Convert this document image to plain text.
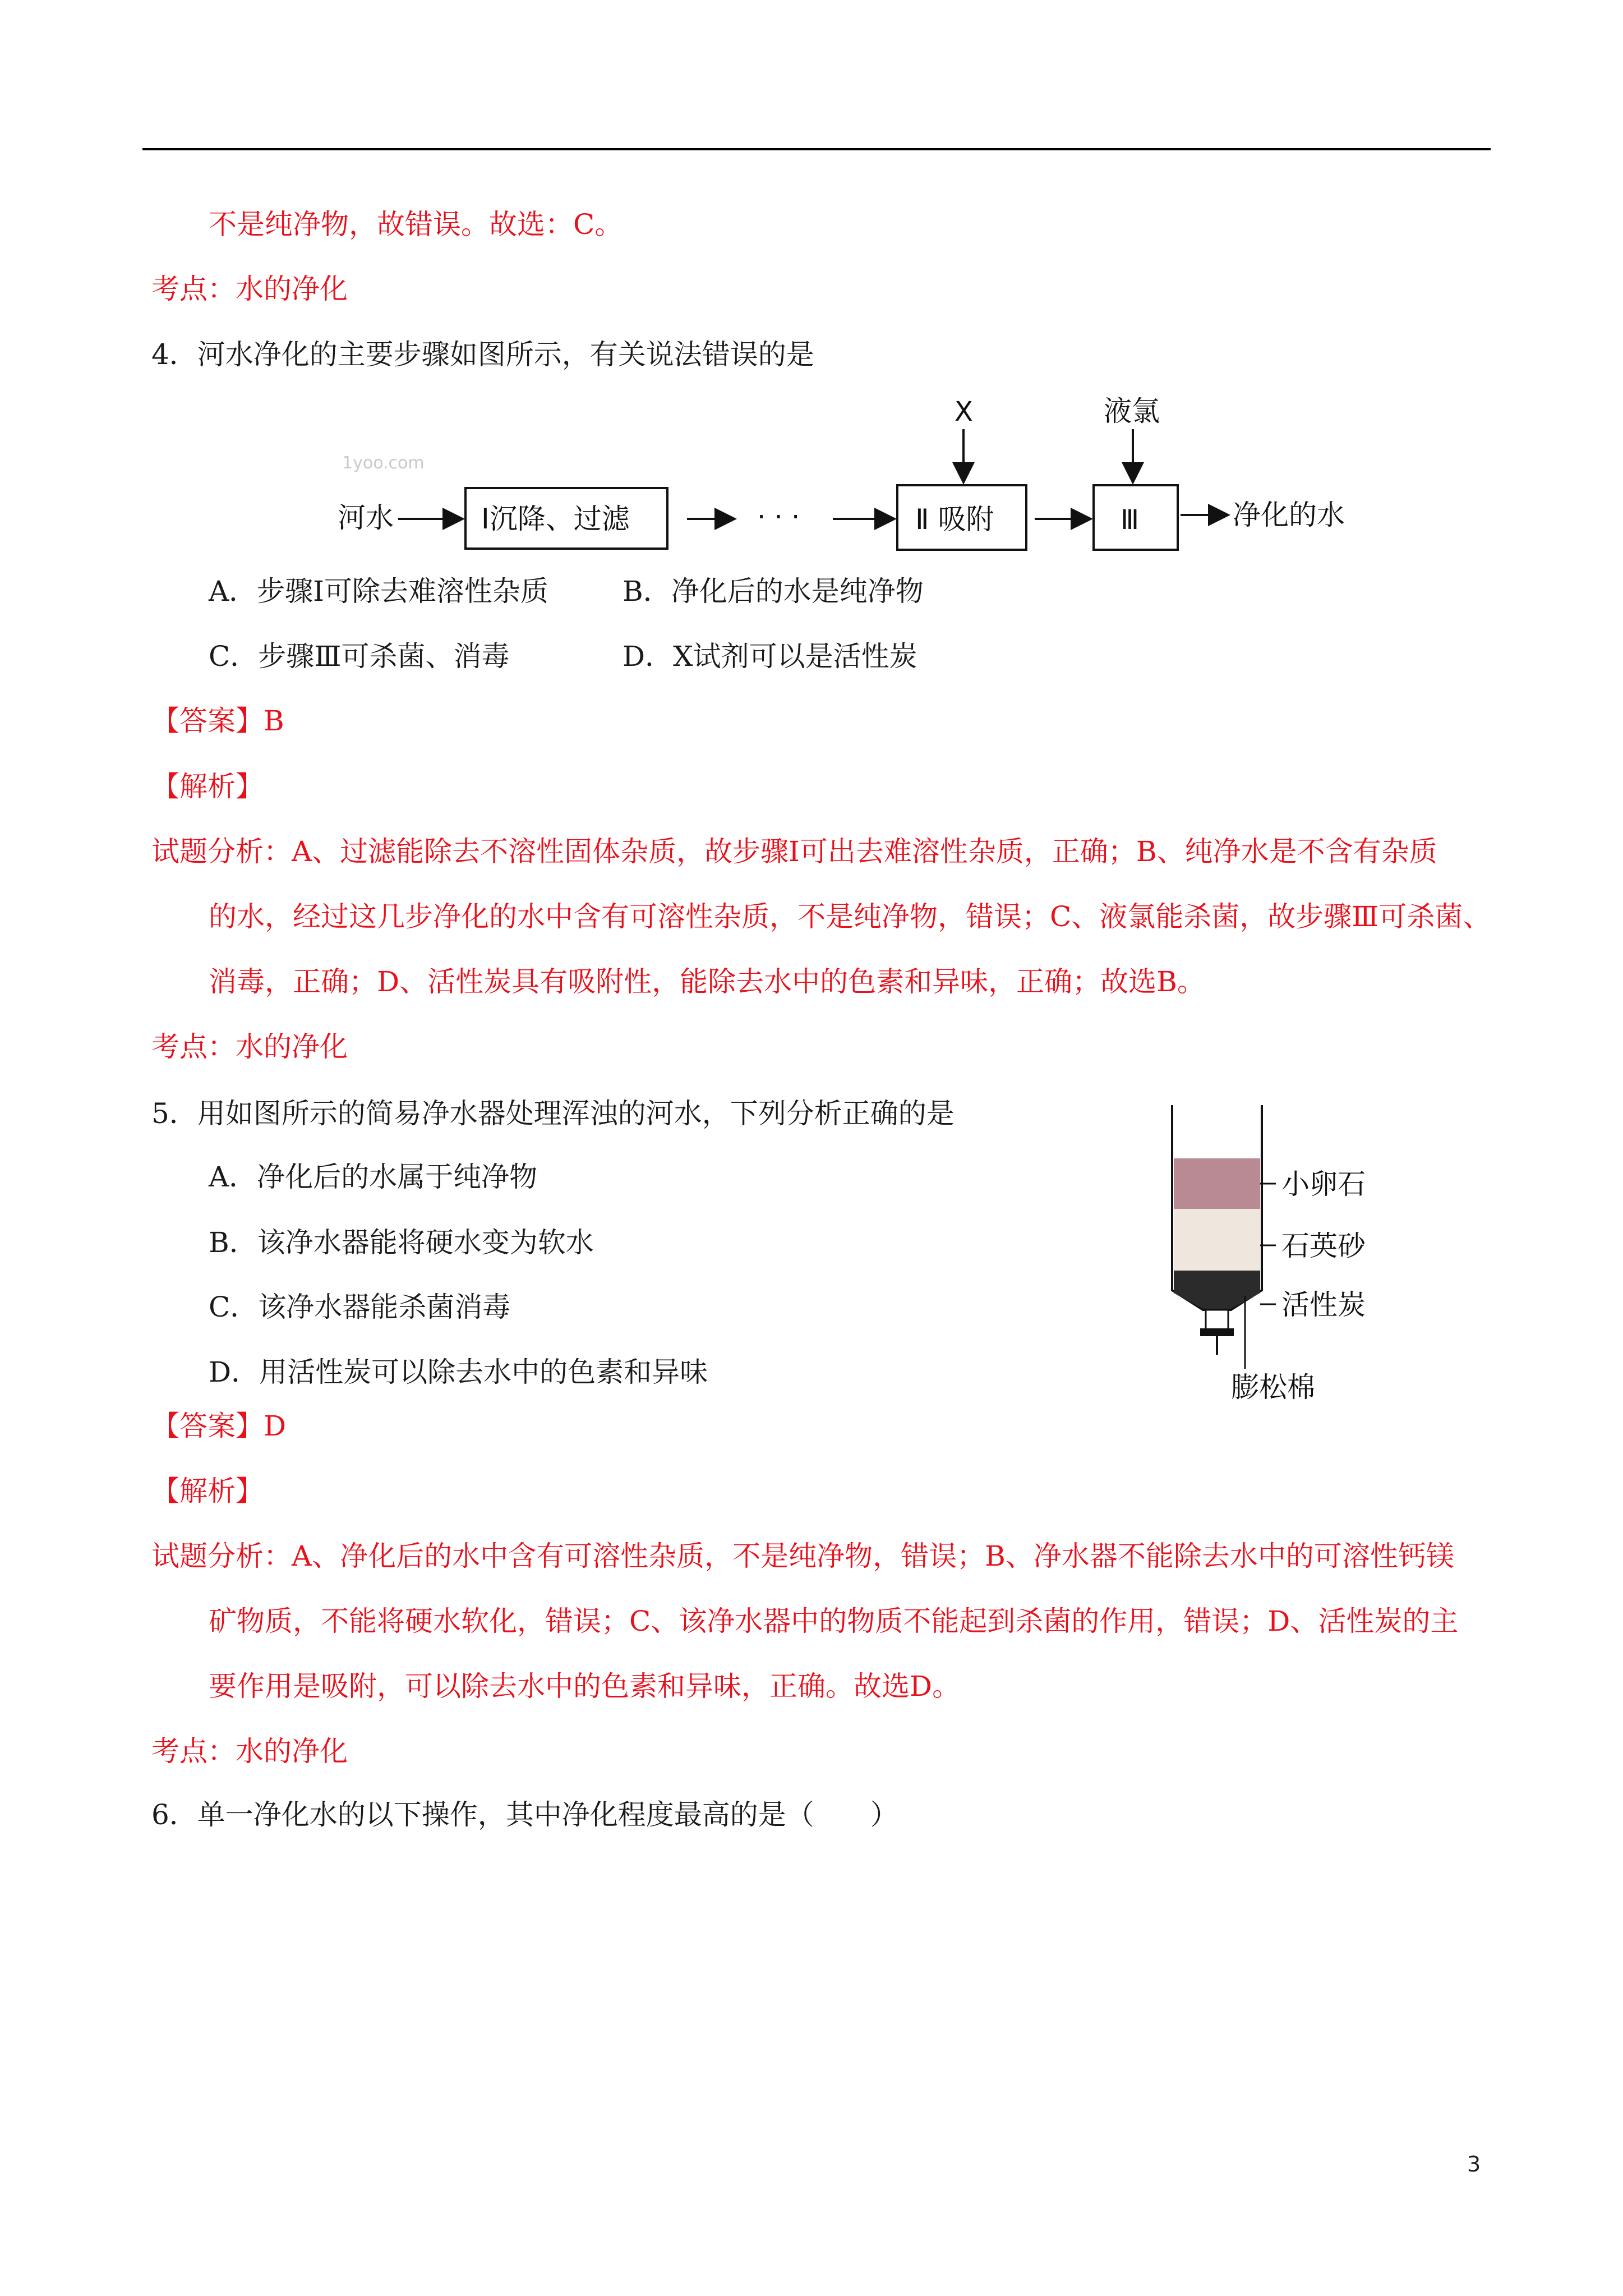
不是纯净物，故错误。故选：C。
考点：水的净化
4．河水净化的主要步骤如图所示，有关说法错误的是
1yoo.com
河水	Ⅰ沉降、过滤	· · ·	Ⅱ 吸附	Ⅲ	净化的水
X	液氯
A．步骤Ⅰ可除去难溶性杂质	B．净化后的水是纯净物
C．步骤Ⅲ可杀菌、消毒	D．X试剂可以是活性炭
【答案】B
【解析】
试题分析：A、过滤能除去不溶性固体杂质，故步骤Ⅰ可出去难溶性杂质，正确；B、纯净水是不含有杂质
的水，经过这几步净化的水中含有可溶性杂质，不是纯净物，错误；C、液氯能杀菌，故步骤Ⅲ可杀菌、
消毒，正确；D、活性炭具有吸附性，能除去水中的色素和异味，正确；故选B。
考点：水的净化
5．用如图所示的简易净水器处理浑浊的河水，下列分析正确的是
A．净化后的水属于纯净物
B．该净水器能将硬水变为软水
C．该净水器能杀菌消毒
D．用活性炭可以除去水中的色素和异味
小卵石
石英砂
活性炭
膨松棉
【答案】D
【解析】
试题分析：A、净化后的水中含有可溶性杂质，不是纯净物，错误；B、净水器不能除去水中的可溶性钙镁
矿物质，不能将硬水软化，错误；C、该净水器中的物质不能起到杀菌的作用，错误；D、活性炭的主
要作用是吸附，可以除去水中的色素和异味，正确。故选D。
考点：水的净化
6．单一净化水的以下操作，其中净化程度最高的是（　　）
3
